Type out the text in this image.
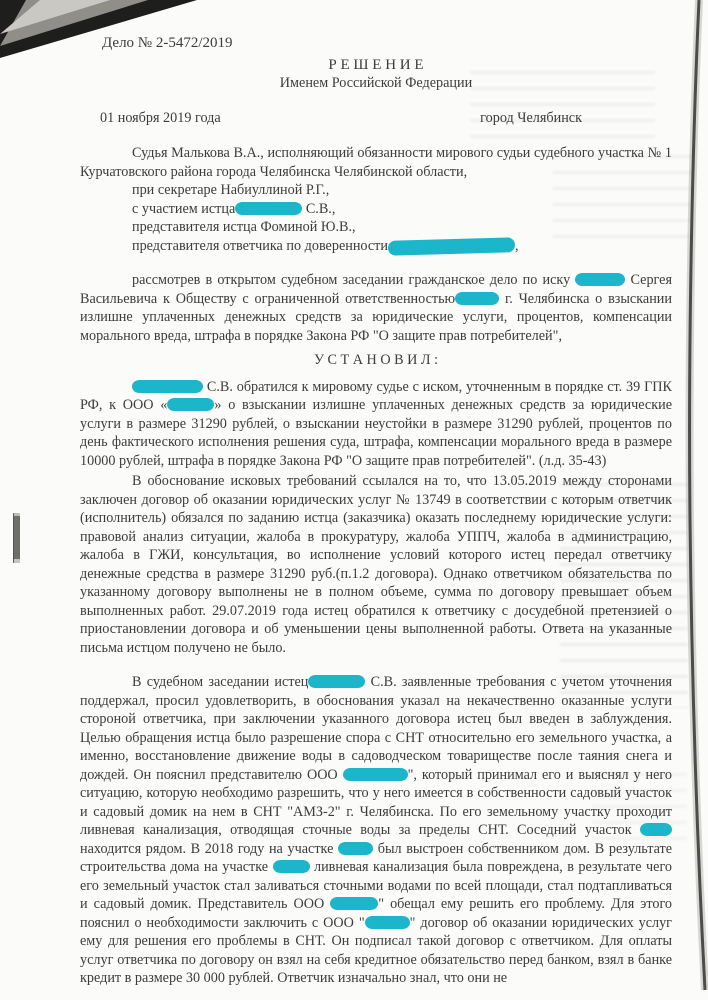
Дело № 2-5472/2019
Р Е Ш Е Н И Е
Именем Российской Федерации
01 ноября 2019 года	город Челябинск
Судья Малькова В.А., исполняющий обязанности мирового судьи судебного участка № 1 Курчатовского района города Челябинска Челябинской области,
при секретаре Набиуллиной Р.Г.,
с участием истца	С.В.,
представителя истца Фоминой Ю.В.,
представителя ответчика по доверенности	,
рассмотрев в открытом судебном заседании гражданское дело по иску	Сергея Васильевича к Обществу с ограниченной ответственностью	г. Челябинска о взыскании излишне уплаченных денежных средств за юридические услуги, процентов, компенсации морального вреда, штрафа в порядке Закона РФ "О защите прав потребителей",
У С Т А Н О В И Л :
С.В. обратился к мировому судье с иском, уточненным в порядке ст. 39 ГПК РФ, к ООО «	» о взыскании излишне уплаченных денежных средств за юридические услуги в размере 31290 рублей, о взыскании неустойки в размере 31290 рублей, процентов по день фактического исполнения решения суда, штрафа, компенсации морального вреда в размере 10000 рублей, штрафа в порядке Закона РФ "О защите прав потребителей". (л.д. 35-43)
В обоснование исковых требований ссылался на то, что 13.05.2019 между сторонами заключен договор об оказании юридических услуг № 13749 в соответствии с которым ответчик (исполнитель) обязался по заданию истца (заказчика) оказать последнему юридические услуги: правовой анализ ситуации, жалоба в прокуратуру, жалоба УППЧ, жалоба в администрацию, жалоба в ГЖИ, консультация, во исполнение условий которого истец передал ответчику денежные средства в размере 31290 руб.(п.1.2 договора). Однако ответчиком обязательства по указанному договору выполнены не в полном объеме, сумма по договору превышает объем выполненных работ. 29.07.2019 года истец обратился к ответчику с досудебной претензией о приостановлении договора и об уменьшении цены выполненной работы. Ответа на указанные письма истцом получено не было.
В судебном заседании истец	С.В. заявленные требования с учетом уточнения поддержал, просил удовлетворить, в обоснования указал на некачественно оказанные услуги стороной ответчика, при заключении указанного договора истец был введен в заблуждения. Целью обращения истца было разрешение спора с СНТ относительно его земельного участка, а именно, восстановление движение воды в садоводческом товариществе после таяния снега и дождей. Он пояснил представителю ООО	", который принимал его и выяснял у него ситуацию, которую необходимо разрешить, что у него имеется в собственности садовый участок и садовый домик на нем в СНТ "АМЗ-2" г. Челябинска. По его земельному участку проходит ливневая канализация, отводящая сточные воды за пределы СНТ. Соседний участок  находится рядом. В 2018 году на участке  был выстроен собственником дом. В результате строительства дома на участке	ливневая канализация была повреждена, в результате чего его земельный участок стал заливаться сточными водами по всей площади, стал подтапливаться и садовый домик. Представитель ООО	" обещал ему решить его проблему. Для этого пояснил о необходимости заключить с ООО "	" договор об оказании юридических услуг ему для решения его проблемы в СНТ. Он подписал такой договор с ответчиком. Для оплаты услуг ответчика по договору он взял на себя кредитное обязательство перед банком, взял в банке кредит в размере 30 000 рублей. Ответчик изначально знал, что они не
